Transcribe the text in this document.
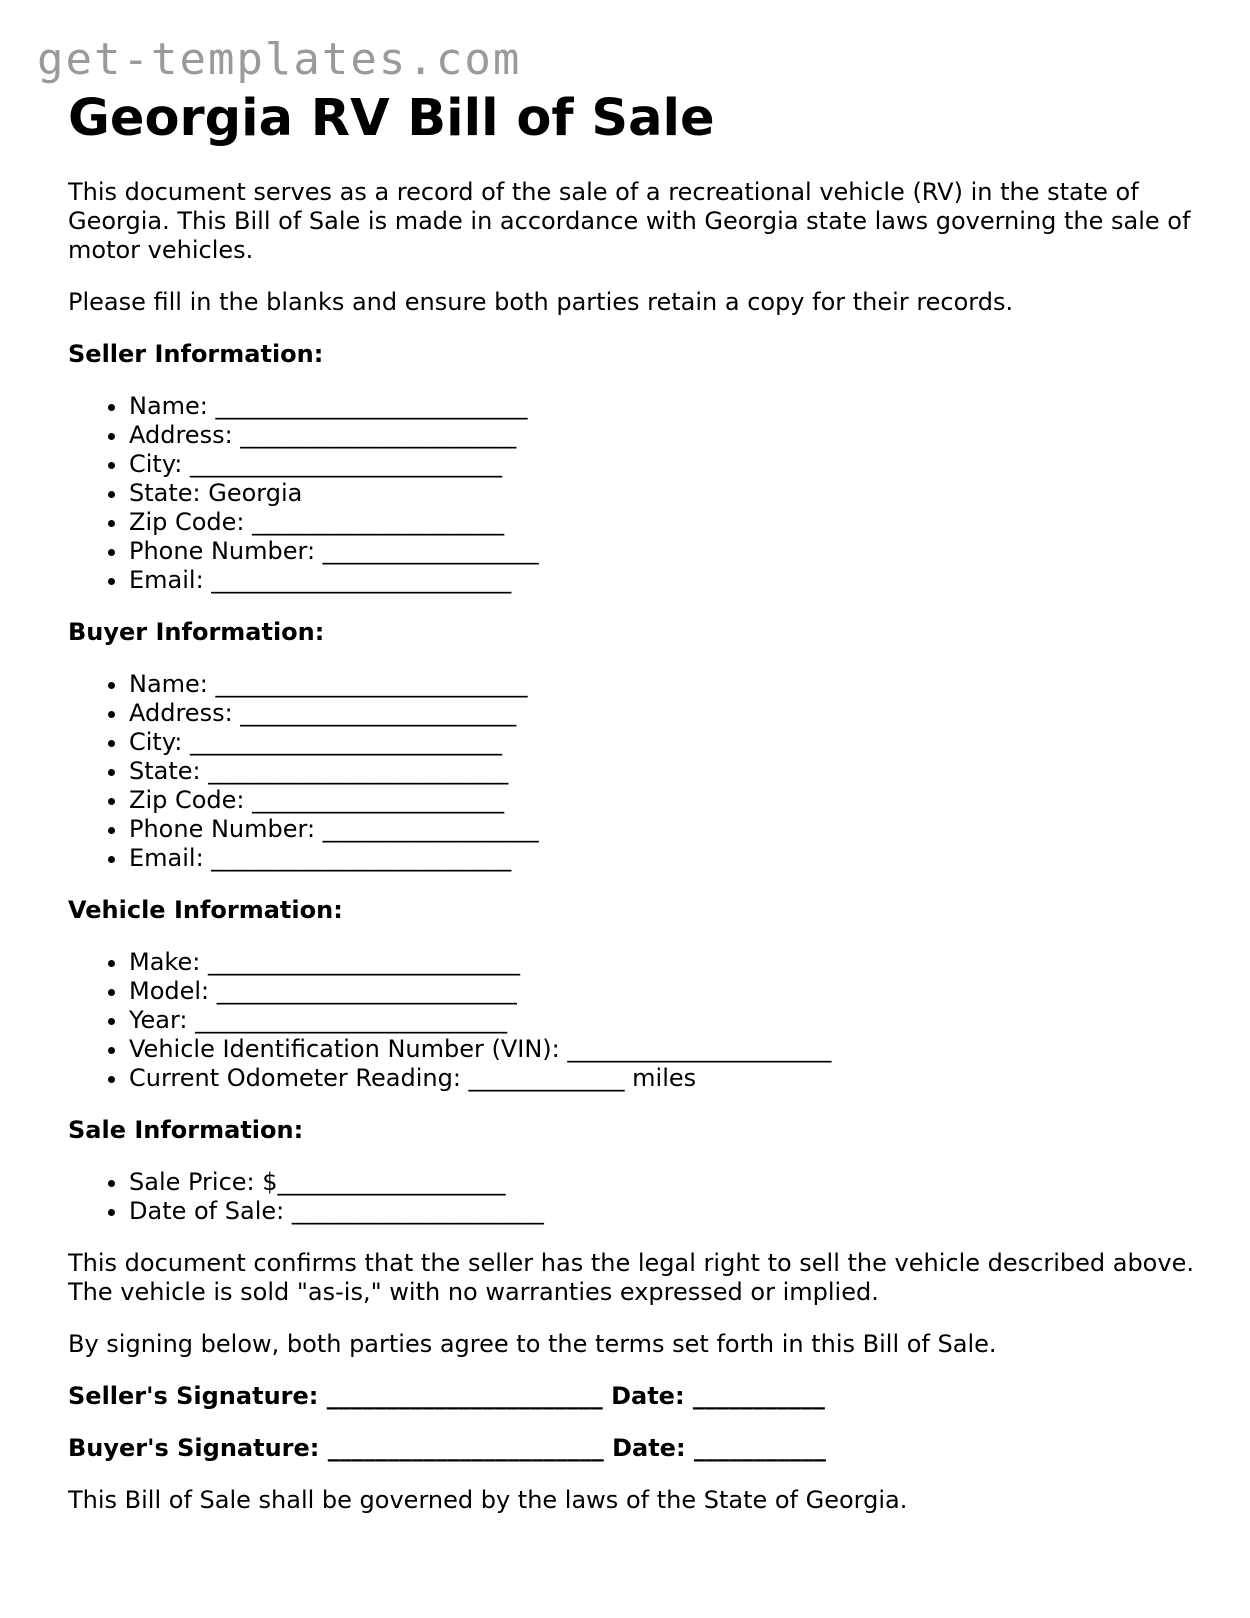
get-templates.com
Georgia RV Bill of Sale

This document serves as a record of the sale of a recreational vehicle (RV) in the state of Georgia. This Bill of Sale is made in accordance with Georgia state laws governing the sale of motor vehicles.

Please fill in the blanks and ensure both parties retain a copy for their records.

Seller Information:
• Name: __________________________
• Address: _______________________
• City: __________________________
• State: Georgia
• Zip Code: _____________________
• Phone Number: __________________
• Email: _________________________
Buyer Information:
• Name: __________________________
• Address: _______________________
• City: __________________________
• State: _________________________
• Zip Code: _____________________
• Phone Number: __________________
• Email: _________________________
Vehicle Information:
• Make: __________________________
• Model: _________________________
• Year: __________________________
• Vehicle Identification Number (VIN): ______________________
• Current Odometer Reading: _____________ miles
Sale Information:
• Sale Price: $___________________
• Date of Sale: _____________________

This document confirms that the seller has the legal right to sell the vehicle described above. The vehicle is sold "as-is," with no warranties expressed or implied.

By signing below, both parties agree to the terms set forth in this Bill of Sale.

Seller's Signature: _______________________ Date: ___________
Buyer's Signature: _______________________ Date: ___________

This Bill of Sale shall be governed by the laws of the State of Georgia.
